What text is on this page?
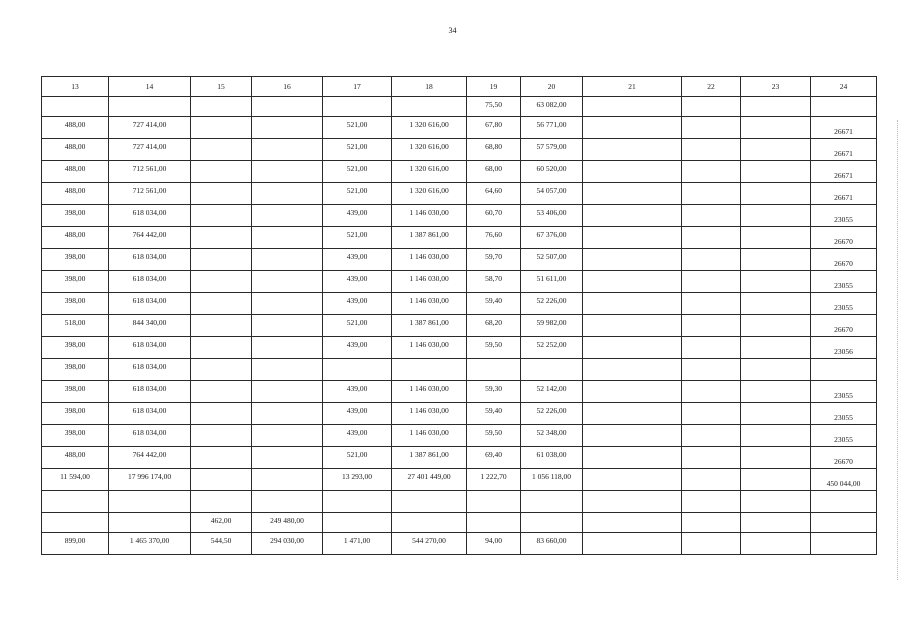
34
13	14	15	16	17	18	19	20	21	22	23	24
						75,50	63 082,00				
488,00	727 414,00			521,00	1 320 616,00	67,80	56 771,00				26671
488,00	727 414,00			521,00	1 320 616,00	68,80	57 579,00				26671
488,00	712 561,00			521,00	1 320 616,00	68,00	60 520,00				26671
488,00	712 561,00			521,00	1 320 616,00	64,60	54 057,00				26671
398,00	618 034,00			439,00	1 146 030,00	60,70	53 406,00				23055
488,00	764 442,00			521,00	1 387 861,00	76,60	67 376,00				26670
398,00	618 034,00			439,00	1 146 030,00	59,70	52 507,00				26670
398,00	618 034,00			439,00	1 146 030,00	58,70	51 611,00				23055
398,00	618 034,00			439,00	1 146 030,00	59,40	52 226,00				23055
518,00	844 340,00			521,00	1 387 861,00	68,20	59 982,00				26670
398,00	618 034,00			439,00	1 146 030,00	59,50	52 252,00				23056
398,00	618 034,00										
398,00	618 034,00			439,00	1 146 030,00	59,30	52 142,00				23055
398,00	618 034,00			439,00	1 146 030,00	59,40	52 226,00				23055
398,00	618 034,00			439,00	1 146 030,00	59,50	52 348,00				23055
488,00	764 442,00			521,00	1 387 861,00	69,40	61 038,00				26670
11 594,00	17 996 174,00			13 293,00	27 401 449,00	1 222,70	1 056 118,00				450 044,00

		462,00	249 480,00								
899,00	1 465 370,00	544,50	294 030,00	1 471,00	544 270,00	94,00	83 660,00				
